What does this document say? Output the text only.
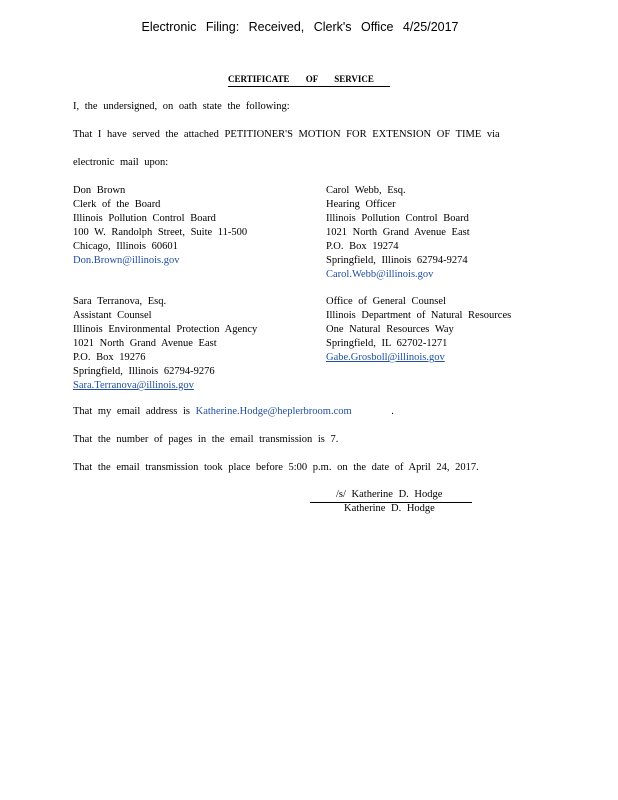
Electronic Filing: Received, Clerk's Office 4/25/2017
CERTIFICATE OF SERVICE
I, the undersigned, on oath state the following:
That I have served the attached PETITIONER'S MOTION FOR EXTENSION OF TIME via
electronic mail upon:
Don Brown
Clerk of the Board
Illinois Pollution Control Board
100 W. Randolph Street, Suite 11-500
Chicago, Illinois 60601
Don.Brown@illinois.gov
Carol Webb, Esq.
Hearing Officer
Illinois Pollution Control Board
1021 North Grand Avenue East
P.O. Box 19274
Springfield, Illinois 62794-9274
Carol.Webb@illinois.gov
Sara Terranova, Esq.
Assistant Counsel
Illinois Environmental Protection Agency
1021 North Grand Avenue East
P.O. Box 19276
Springfield, Illinois 62794-9276
Sara.Terranova@illinois.gov
Office of General Counsel
Illinois Department of Natural Resources
One Natural Resources Way
Springfield, IL 62702-1271
Gabe.Grosboll@illinois.gov
That my email address is Katherine.Hodge@heplerbroom.com	.
That the number of pages in the email transmission is 7.
That the email transmission took place before 5:00 p.m. on the date of April 24, 2017.
/s/ Katherine D. Hodge
Katherine D. Hodge
